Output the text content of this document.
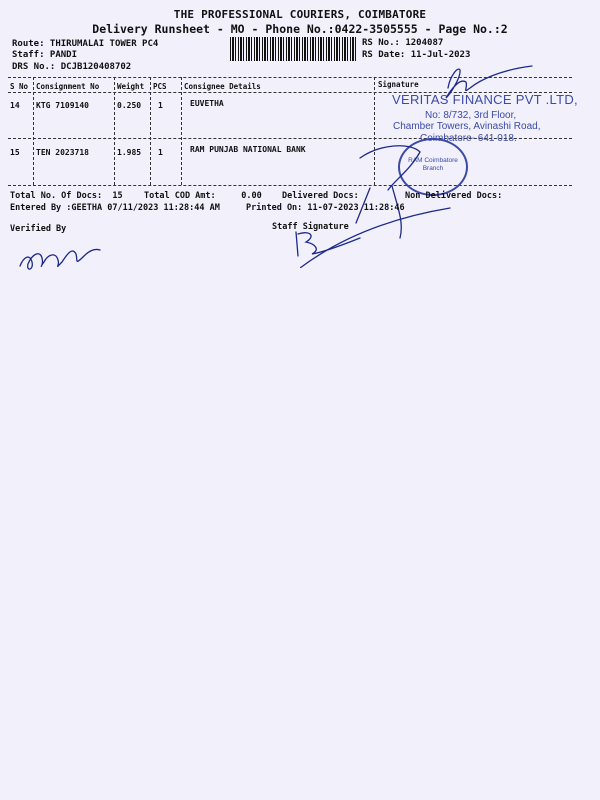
THE PROFESSIONAL COURIERS, COIMBATORE
Delivery Runsheet - MO - Phone No.:0422-3505555 - Page No.:2
Route: THIRUMALAI TOWER PC4
Staff: PANDI
DRS No.: DCJB120408702
RS No.: 1204087
RS Date: 11-Jul-2023
S No Consignment No Weight PCS Consignee Details	Signature
14 KTG 7109140	0.250 1	EUVETHA
15 TEN 2023718	1.985 1	RAM PUNJAB NATIONAL BANK
VERITAS FINANCE PVT .LTD,
No: 8/732, 3rd Floor,
Chamber Towers, Avinashi Road,
Coimbatore- 641 018.
RAM Coimbatore Branch
Total No. Of Docs:  15	Total COD Amt:     0.00 Delivered Docs:	Non Delivered Docs:
Entered By :GEETHA 07/11/2023 11:28:44 AM	Printed On: 11-07-2023 11:28:46
Verified By	Staff Signature
